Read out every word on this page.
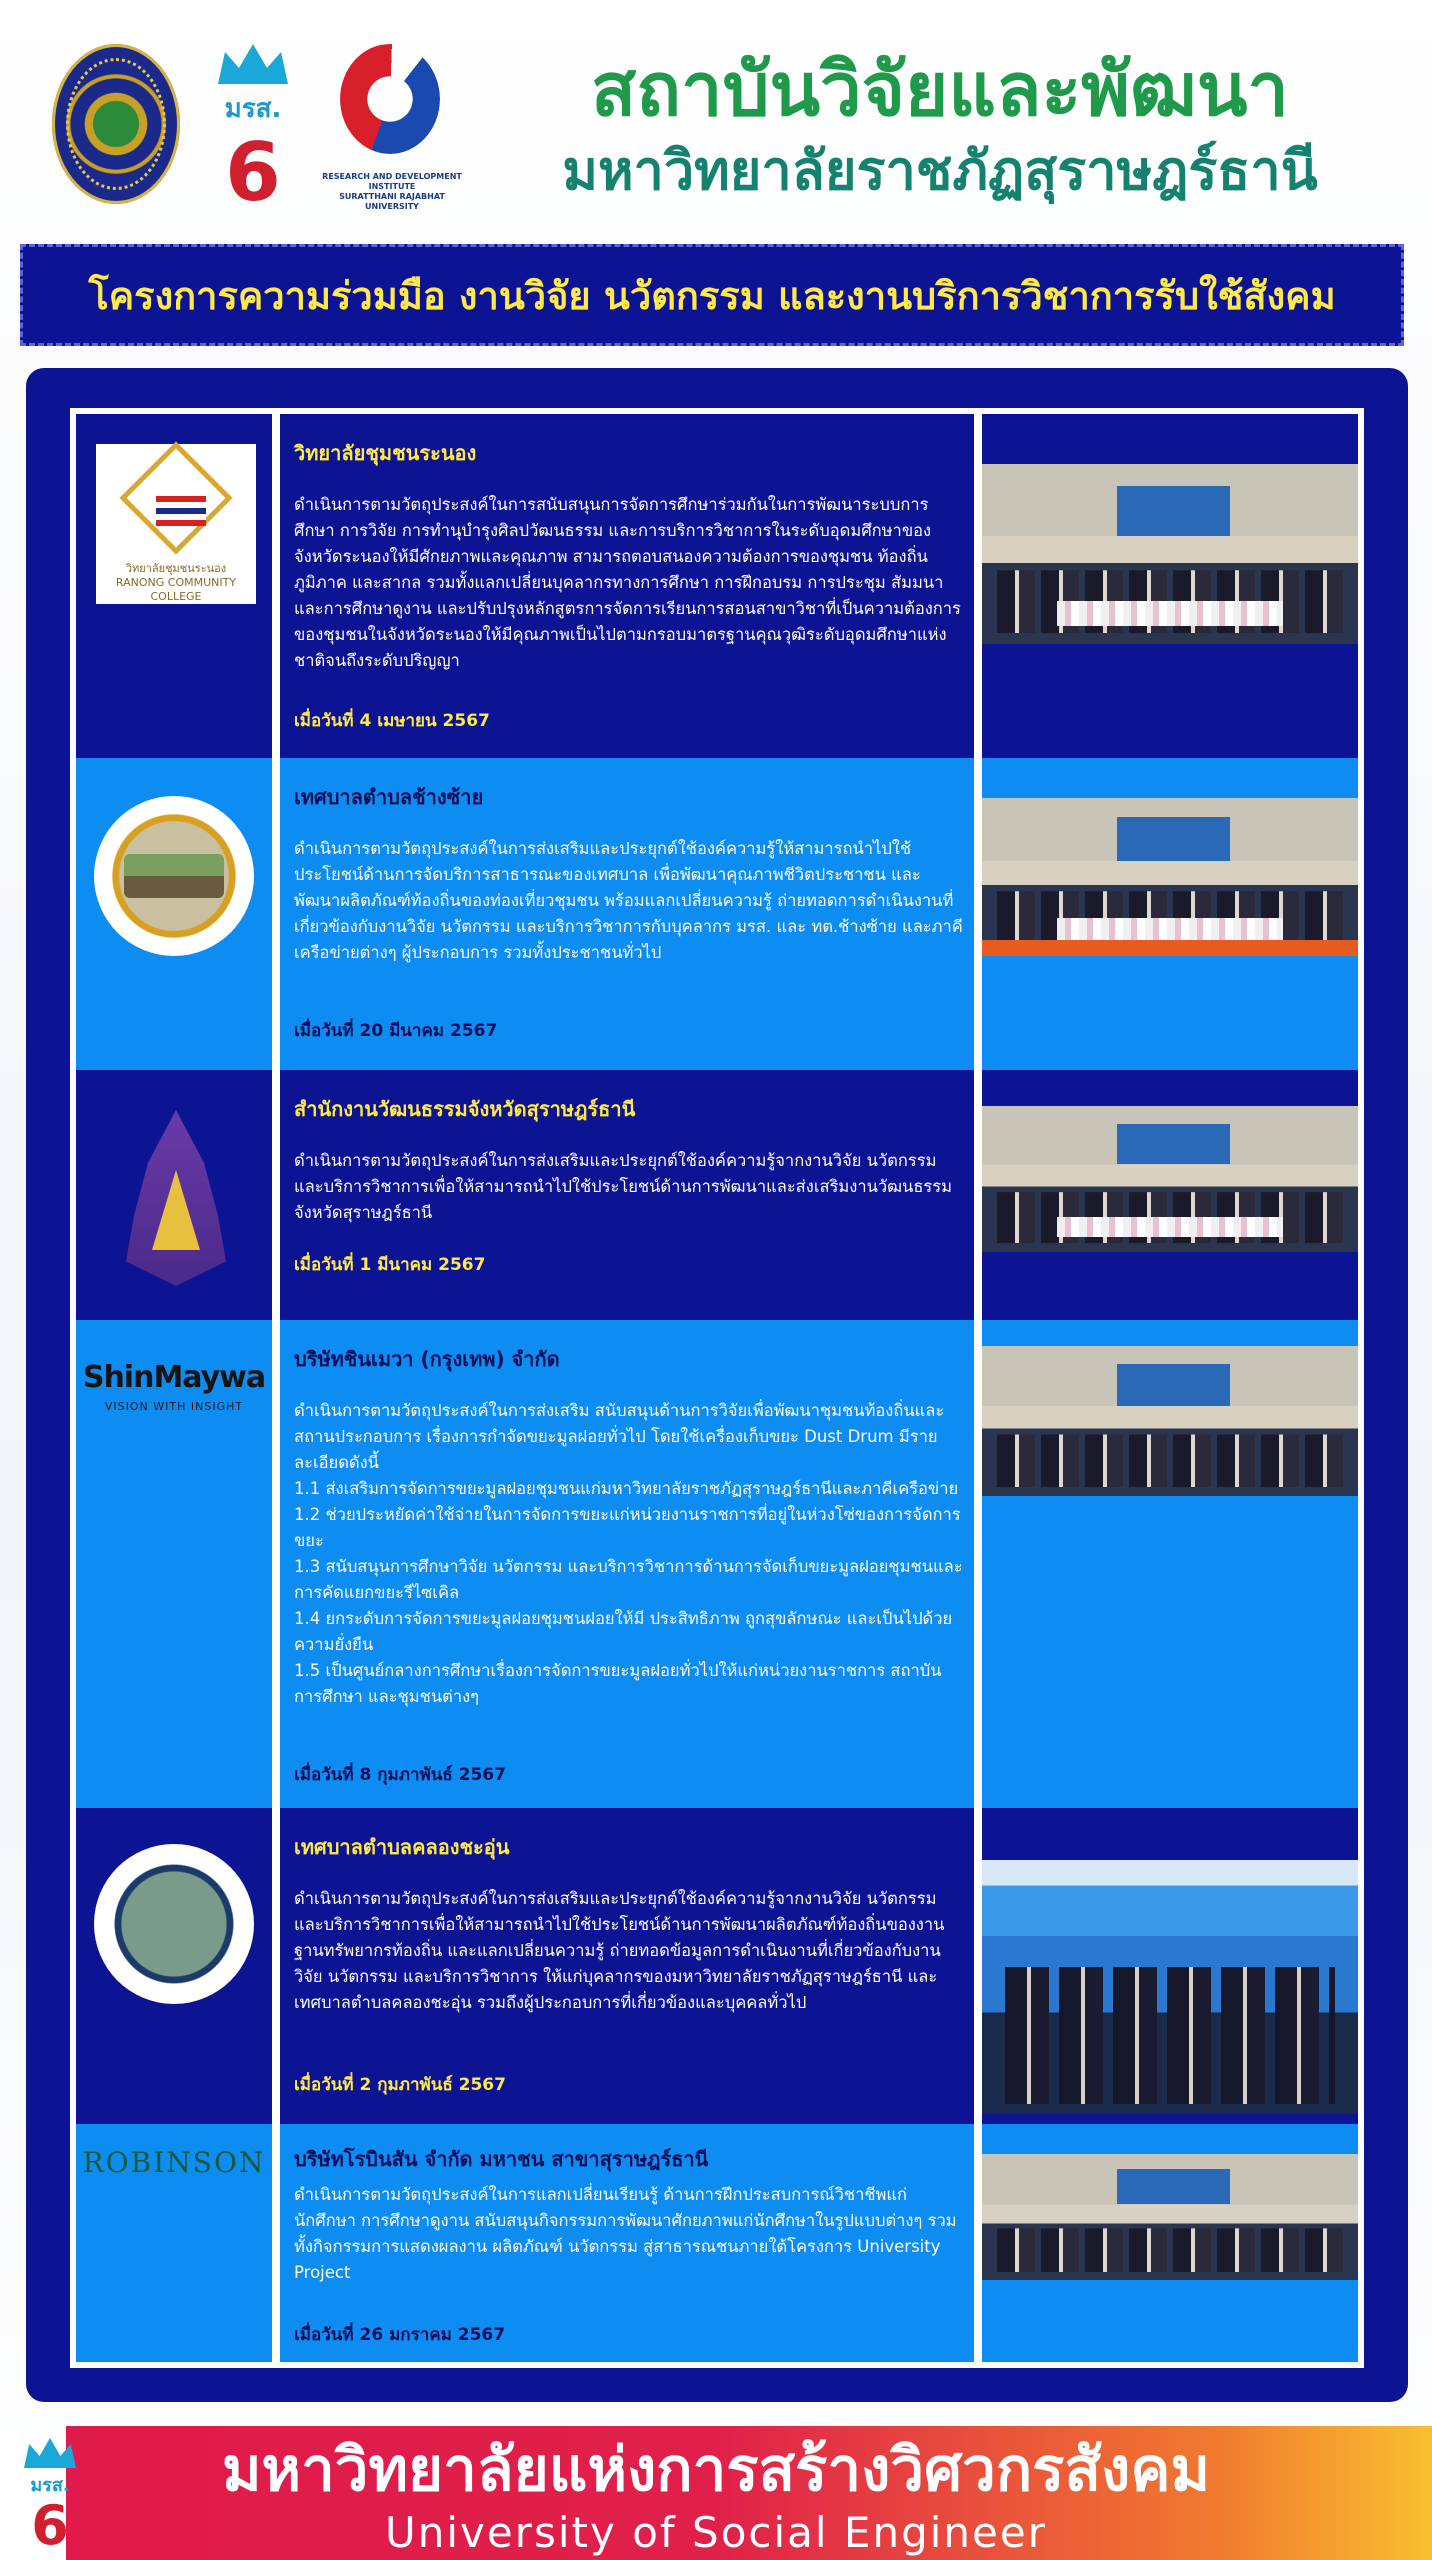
มรส.
6	RESEARCH AND DEVELOPMENT INSTITUTE
SURATTHANI RAJABHAT UNIVERSITY
สถาบันวิจัยและพัฒนา
มหาวิทยาลัยราชภัฏสุราษฎร์ธานี
โครงการความร่วมมือ งานวิจัย นวัตกรรม และงานบริการวิชาการรับใช้สังคม
วิทยาลัยชุมชนระนอง
RANONG COMMUNITY COLLEGE
วิทยาลัยชุมชนระนอง
ดำเนินการตามวัตถุประสงค์ในการสนับสนุนการจัดการศึกษาร่วมกันในการพัฒนาระบบการศึกษา การวิจัย การทำนุบำรุงศิลปวัฒนธรรม และการบริการวิชาการในระดับอุดมศึกษาของจังหวัดระนองให้มีศักยภาพและคุณภาพ สามารถตอบสนองความต้องการของชุมชน ท้องถิ่น ภูมิภาค และสากล รวมทั้งแลกเปลี่ยนบุคลากรทางการศึกษา การฝึกอบรม การประชุม สัมมนา และการศึกษาดูงาน และปรับปรุงหลักสูตรการจัดการเรียนการสอนสาขาวิชาที่เป็นความต้องการของชุมชนในจังหวัดระนองให้มีคุณภาพเป็นไปตามกรอบมาตรฐานคุณวุฒิระดับอุดมศึกษาแห่งชาติจนถึงระดับปริญญา
เมื่อวันที่ 4 เมษายน 2567
เทศบาลตำบลช้างซ้าย
ดำเนินการตามวัตถุประสงค์ในการส่งเสริมและประยุกต์ใช้องค์ความรู้ให้สามารถนำไปใช้ประโยชน์ด้านการจัดบริการสาธารณะของเทศบาล เพื่อพัฒนาคุณภาพชีวิตประชาชน และพัฒนาผลิตภัณฑ์ท้องถิ่นของท่องเที่ยวชุมชน พร้อมแลกเปลี่ยนความรู้ ถ่ายทอดการดำเนินงานที่เกี่ยวข้องกับงานวิจัย นวัตกรรม และบริการวิชาการกับบุคลากร มรส. และ ทต.ช้างซ้าย และภาคีเครือข่ายต่างๆ ผู้ประกอบการ รวมทั้งประชาชนทั่วไป
เมื่อวันที่ 20 มีนาคม 2567
สำนักงานวัฒนธรรมจังหวัดสุราษฎร์ธานี
ดำเนินการตามวัตถุประสงค์ในการส่งเสริมและประยุกต์ใช้องค์ความรู้จากงานวิจัย นวัตกรรม และบริการวิชาการเพื่อให้สามารถนำไปใช้ประโยชน์ด้านการพัฒนาและส่งเสริมงานวัฒนธรรมจังหวัดสุราษฎร์ธานี
เมื่อวันที่ 1 มีนาคม 2567
ShinMaywa
VISION WITH INSIGHT
บริษัทชินเมวา (กรุงเทพ) จำกัด
ดำเนินการตามวัตถุประสงค์ในการส่งเสริม สนับสนุนด้านการวิจัยเพื่อพัฒนาชุมชนท้องถิ่นและสถานประกอบการ เรื่องการกำจัดขยะมูลฝอยทั่วไป โดยใช้เครื่องเก็บขยะ Dust Drum มีรายละเอียดดังนี้
1.1 ส่งเสริมการจัดการขยะมูลฝอยชุมชนแก่มหาวิทยาลัยราชภัฏสุราษฎร์ธานีและภาคีเครือข่าย
1.2 ช่วยประหยัดค่าใช้จ่ายในการจัดการขยะแก่หน่วยงานราชการที่อยู่ในห่วงโซ่ของการจัดการขยะ
1.3 สนับสนุนการศึกษาวิจัย นวัตกรรม และบริการวิชาการด้านการจัดเก็บขยะมูลฝอยชุมชนและการคัดแยกขยะรีไซเคิล
1.4 ยกระดับการจัดการขยะมูลฝอยชุมชนฝอยให้มี ประสิทธิภาพ ถูกสุขลักษณะ และเป็นไปด้วยความยั่งยืน
1.5 เป็นศูนย์กลางการศึกษาเรื่องการจัดการขยะมูลฝอยทั่วไปให้แก่หน่วยงานราชการ สถาบันการศึกษา และชุมชนต่างๆ
เมื่อวันที่ 8 กุมภาพันธ์ 2567
เทศบาลตำบลคลองชะอุ่น
ดำเนินการตามวัตถุประสงค์ในการส่งเสริมและประยุกต์ใช้องค์ความรู้จากงานวิจัย นวัตกรรม และบริการวิชาการเพื่อให้สามารถนำไปใช้ประโยชน์ด้านการพัฒนาผลิตภัณฑ์ท้องถิ่นของงานฐานทรัพยากรท้องถิ่น และแลกเปลี่ยนความรู้ ถ่ายทอดข้อมูลการดำเนินงานที่เกี่ยวข้องกับงานวิจัย นวัตกรรม และบริการวิชาการ ให้แก่บุคลากรของมหาวิทยาลัยราชภัฏสุราษฎร์ธานี และ เทศบาลตำบลคลองชะอุ่น รวมถึงผู้ประกอบการที่เกี่ยวข้องและบุคคลทั่วไป
เมื่อวันที่ 2 กุมภาพันธ์ 2567
ROBINSON บริษัทโรบินสัน จำกัด มหาชน สาขาสุราษฎร์ธานี
ดำเนินการตามวัตถุประสงค์ในการแลกเปลี่ยนเรียนรู้ ด้านการฝึกประสบการณ์วิชาชีพแก่นักศึกษา การศึกษาดูงาน สนับสนุนกิจกรรมการพัฒนาศักยภาพแก่นักศึกษาในรูปแบบต่างๆ รวมทั้งกิจกรรมการแสดงผลงาน ผลิตภัณฑ์ นวัตกรรม สู่สาธารณชนภายใต้โครงการ University Project
เมื่อวันที่ 26 มกราคม 2567
มรส.
6
มหาวิทยาลัยแห่งการสร้างวิศวกรสังคม
University of Social Engineer
